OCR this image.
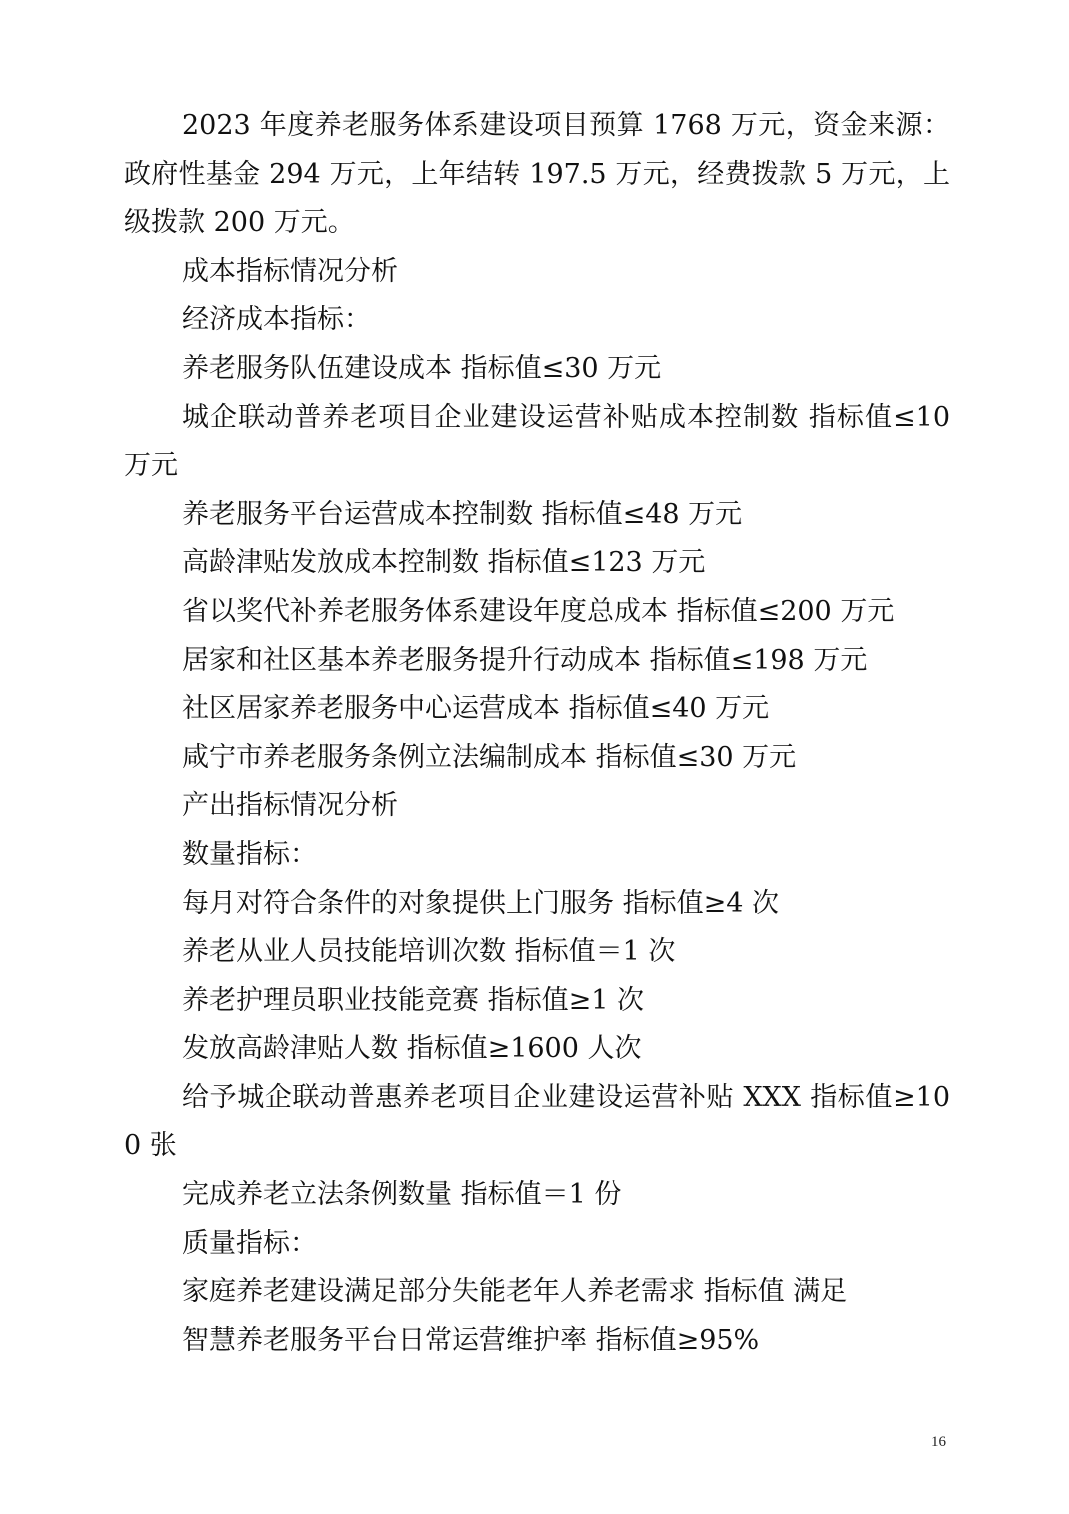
2023 年度养老服务体系建设项目预算 1768 万元，资金来源：政府性基金 294 万元，上年结转 197.5 万元，经费拨款 5 万元，上级拨款 200 万元。

成本指标情况分析

经济成本指标：

养老服务队伍建设成本 指标值≤30 万元

城企联动普养老项目企业建设运营补贴成本控制数 指标值≤10 万元

养老服务平台运营成本控制数 指标值≤48 万元

高龄津贴发放成本控制数 指标值≤123 万元

省以奖代补养老服务体系建设年度总成本 指标值≤200 万元

居家和社区基本养老服务提升行动成本 指标值≤198 万元

社区居家养老服务中心运营成本 指标值≤40 万元

咸宁市养老服务条例立法编制成本 指标值≤30 万元

产出指标情况分析

数量指标：

每月对符合条件的对象提供上门服务 指标值≥4 次

养老从业人员技能培训次数 指标值＝1 次

养老护理员职业技能竞赛 指标值≥1 次

发放高龄津贴人数 指标值≥1600 人次

给予城企联动普惠养老项目企业建设运营补贴 XXX 指标值≥100 张

完成养老立法条例数量 指标值＝1 份

质量指标：

家庭养老建设满足部分失能老年人养老需求 指标值 满足

智慧养老服务平台日常运营维护率 指标值≥95%

16
